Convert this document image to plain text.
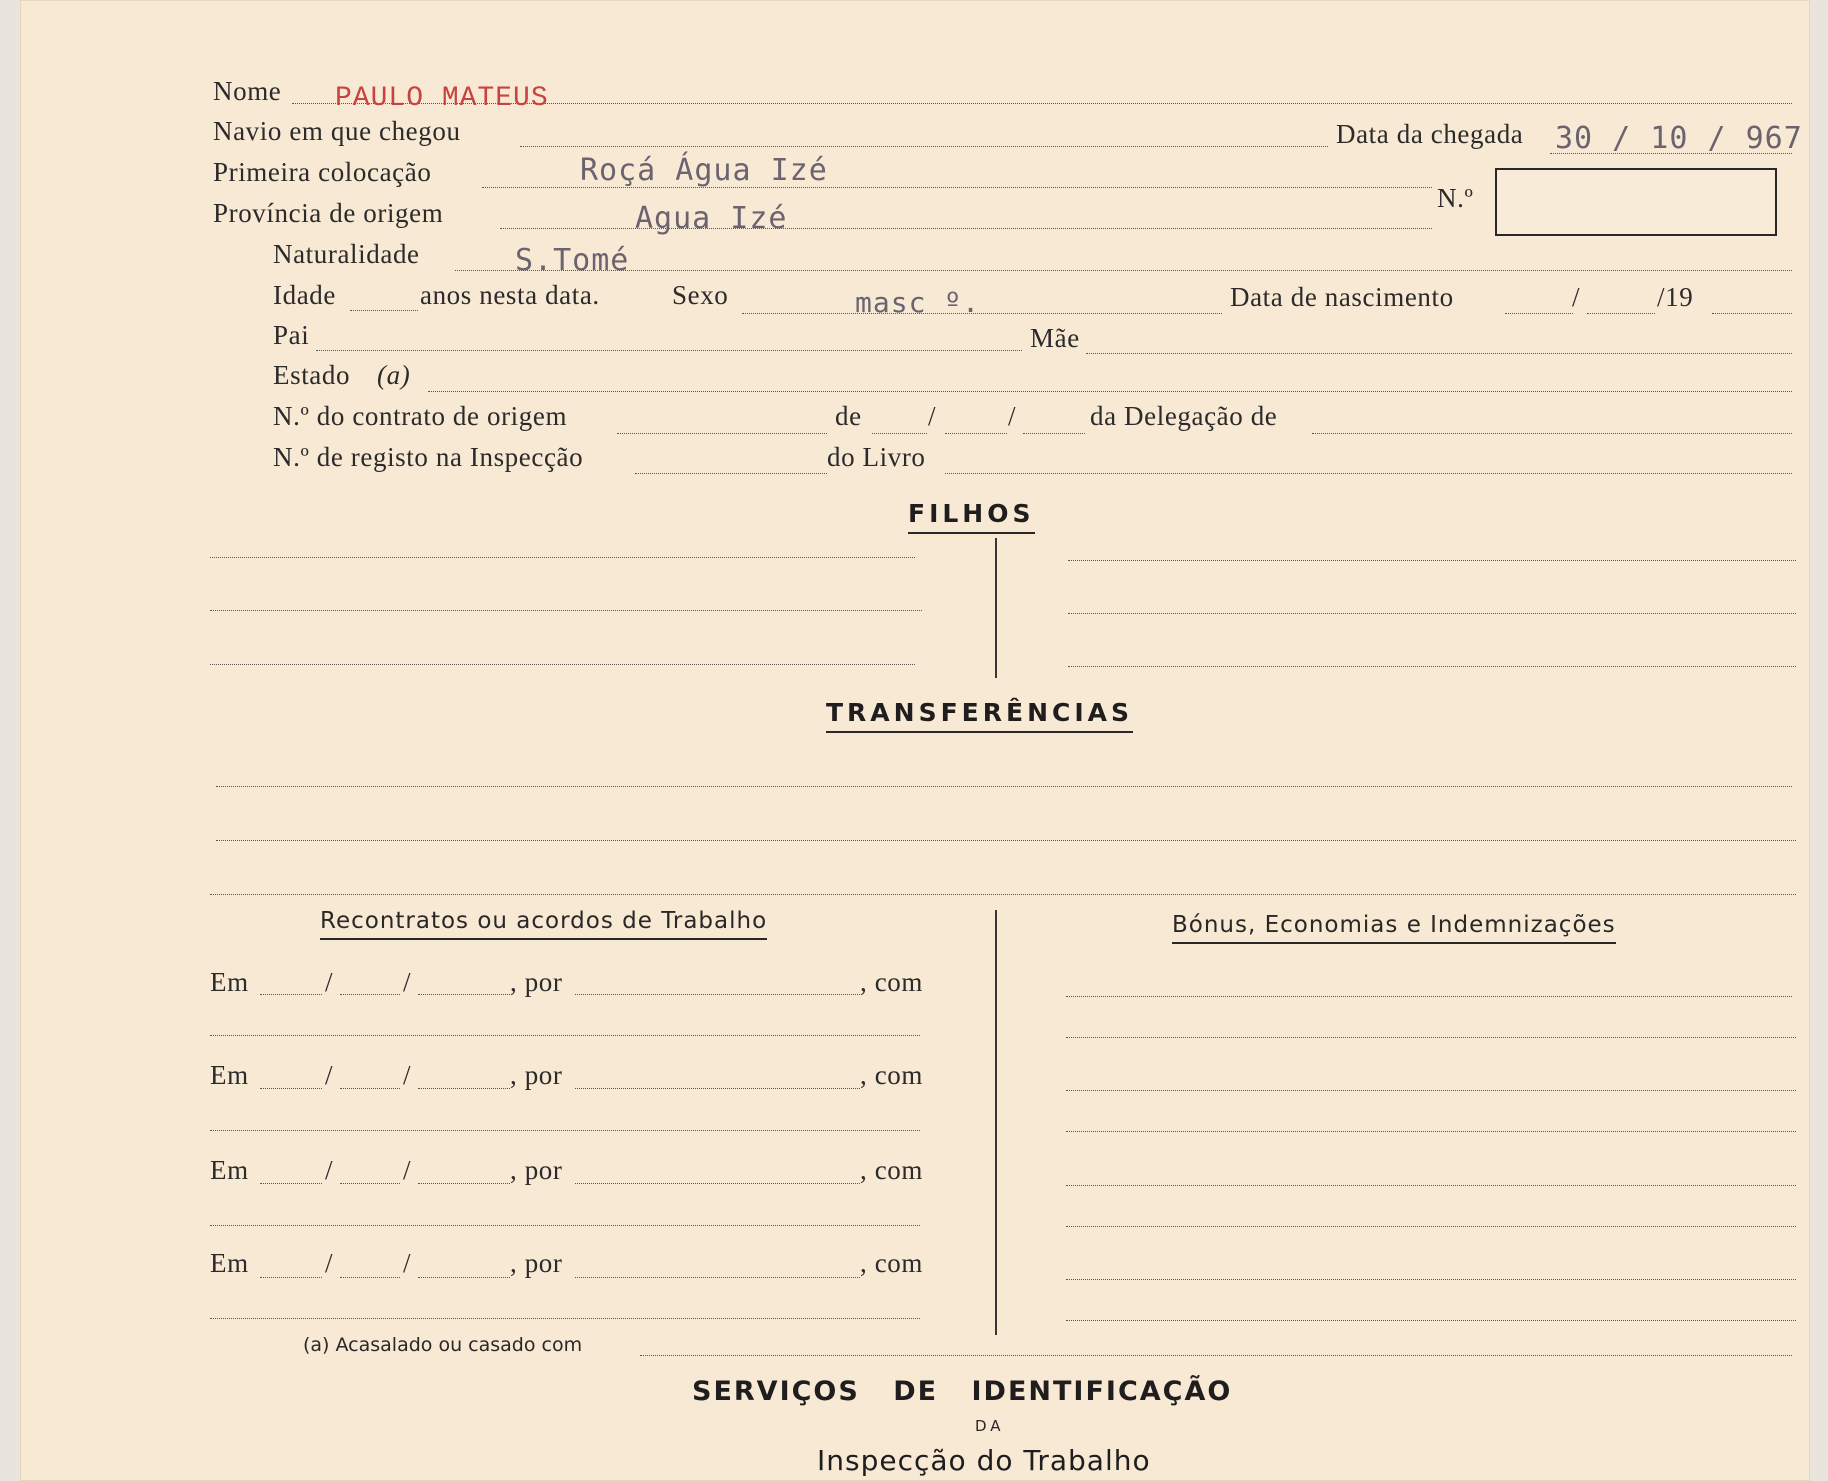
Nome PAULO MATEUS
Navio em que chegou	Data da chegada 30 / 10 / 967
Primeira colocação	Roçá Água Izé
N.º
Província de origem	Agua Izé
Naturalidade	S.Tomé
Idade	anos nesta data.	Sexo	masc º.	Data de nascimento	/	/19
Pai	Mãe
Estado (a)
N.º do contrato de origem	de /	/	da Delegação de
N.º de registo na Inspecção	do Livro
FILHOS
TRANSFERÊNCIAS
Recontratos ou acordos de Trabalho	Bónus, Economias e Indemnizações
Em	/	/	, por	, com
Em	/	/	, por	, com
Em	/	/	, por	, com
Em	/	/	, por	, com
(a) Acasalado ou casado com
SERVIÇOS DE IDENTIFICAÇÃO
DA
Inspecção do Trabalho
